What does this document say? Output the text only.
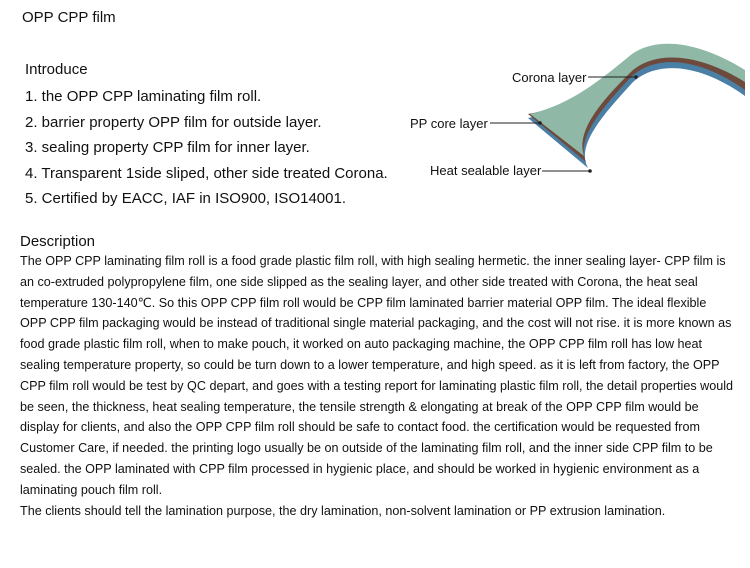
OPP CPP film
Introduce
1. the OPP CPP laminating film roll.
2. barrier property OPP film for outside layer.
3. sealing property CPP film for inner layer.
4. Transparent 1side sliped, other side treated Corona.
5. Certified by EACC, IAF in ISO900, ISO14001.
Corona layer
PP core layer
Heat sealable layer
Description

The OPP CPP laminating film roll is a food grade plastic film roll, with high sealing hermetic. the inner sealing layer- CPP film is an co-extruded polypropylene film, one side slipped as the sealing layer, and other side treated with Corona, the heat seal temperature 130-140℃. So this OPP CPP film roll would be CPP film laminated barrier material OPP film. The ideal flexible OPP CPP film packaging would be instead of traditional single material packaging, and the cost will not rise. it is more known as food grade plastic film roll, when to make pouch, it worked on auto packaging machine, the OPP CPP film roll has low heat sealing temperature property, so could be turn down to a lower temperature, and high speed. as it is left from factory, the OPP CPP film roll would be test by QC depart, and goes with a testing report for laminating plastic film roll, the detail properties would be seen, the thickness, heat sealing temperature, the tensile strength & elongating at break of the OPP CPP film would be display for clients, and also the OPP CPP film roll should be safe to contact food. the certification would be requested from Customer Care, if needed. the printing logo usually be on outside of the laminating film roll, and the inner side CPP film to be sealed. the OPP laminated with CPP film processed in hygienic place, and should be worked in hygienic environment as a laminating pouch film roll.

The clients should tell the lamination purpose, the dry lamination, non-solvent lamination or PP extrusion lamination.
